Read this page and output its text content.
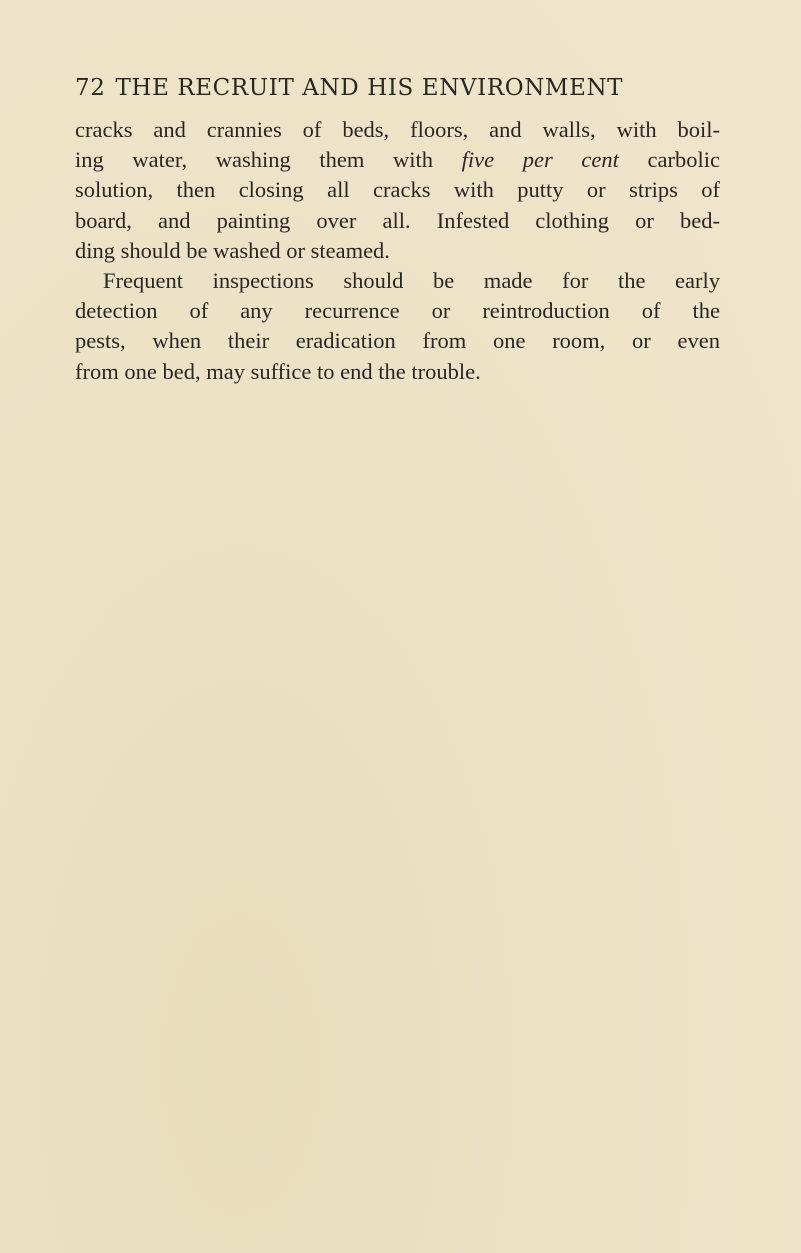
72 THE RECRUIT AND HIS ENVIRONMENT

cracks and crannies of beds, floors, and walls, with boil-
ing water, washing them with five per cent carbolic
solution, then closing all cracks with putty or strips of
board, and painting over all. Infested clothing or bed-
ding should be washed or steamed.

Frequent inspections should be made for the early
detection of any recurrence or reintroduction of the
pests, when their eradication from one room, or even
from one bed, may suffice to end the trouble.
